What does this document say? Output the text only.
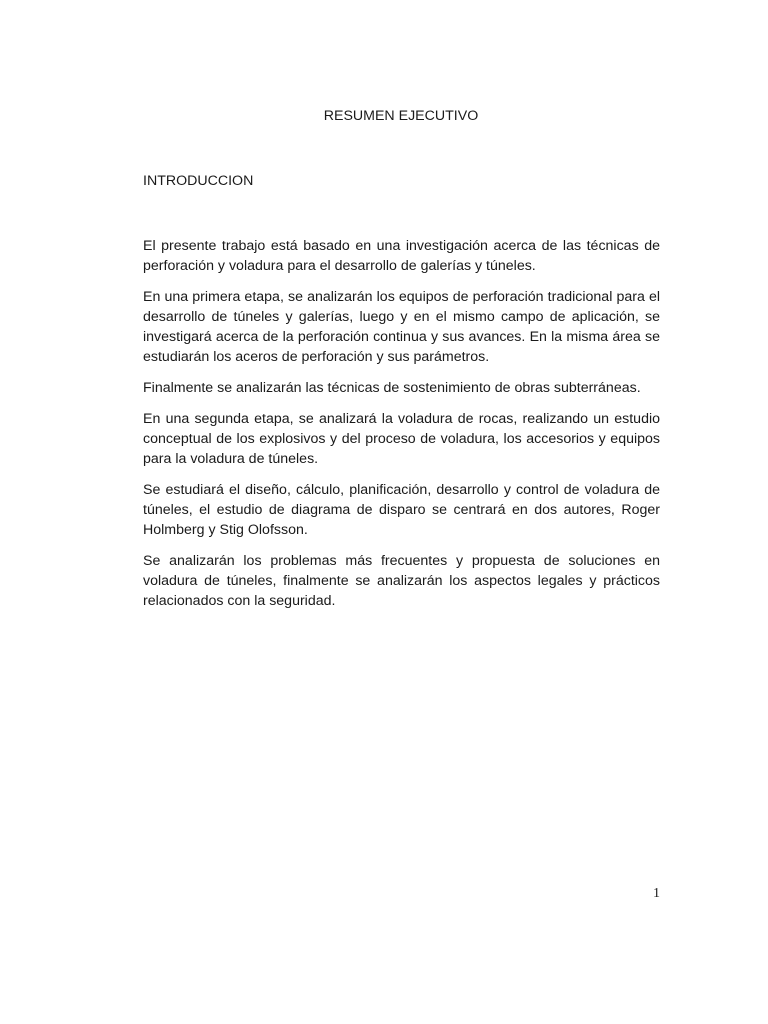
RESUMEN EJECUTIVO
INTRODUCCION

El presente trabajo está basado en una investigación acerca de las técnicas de perforación y voladura para el desarrollo de galerías y túneles.

En una primera etapa, se analizarán los equipos de perforación tradicional para el desarrollo de túneles y galerías, luego y en el mismo campo de aplicación, se investigará acerca de la perforación continua y sus avances. En la misma área se estudiarán los aceros de perforación y sus parámetros.

Finalmente se analizarán las técnicas de sostenimiento de obras subterráneas.

En una segunda etapa, se analizará la voladura de rocas, realizando un estudio conceptual de los explosivos y del proceso de voladura, los accesorios y equipos para la voladura de túneles.

Se estudiará el diseño, cálculo, planificación, desarrollo y control de voladura de túneles, el estudio de diagrama de disparo se centrará en dos autores, Roger Holmberg y Stig Olofsson.

Se analizarán los problemas más frecuentes y propuesta de soluciones en voladura de túneles, finalmente se analizarán los aspectos legales y prácticos relacionados con la seguridad.

1
